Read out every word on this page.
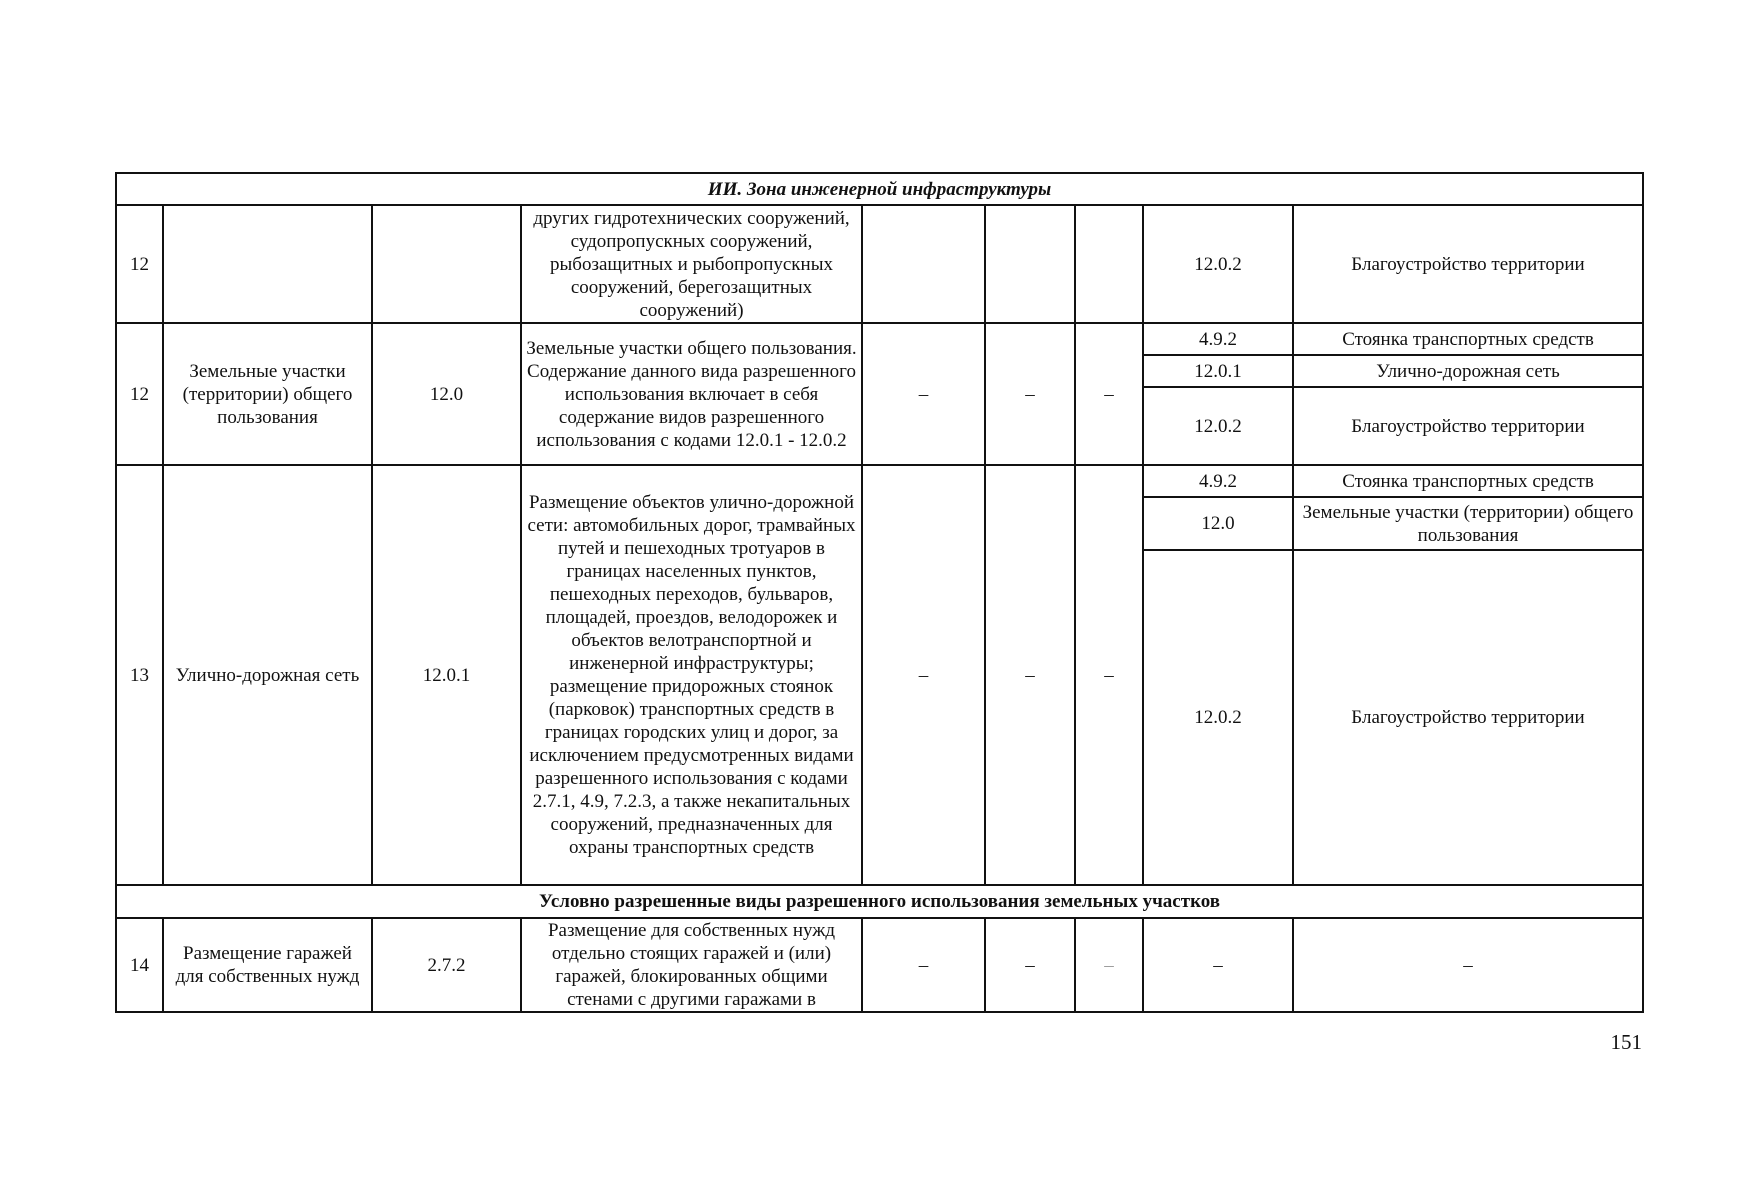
ИИ. Зона инженерной инфраструктуры								
12			других гидротехнических сооружений, судопропускных сооружений, рыбозащитных и рыбопропускных сооружений, берегозащитных сооружений)				12.0.2	Благоустройство территории
12	Земельные участки (территории) общего пользования	12.0	Земельные участки общего пользования. Содержание данного вида разрешенного использования включает в себя содержание видов разрешенного использования с кодами 12.0.1 - 12.0.2	–	–	–	4.9.2	Стоянка транспортных средств
							12.0.1	Улично-дорожная сеть
							12.0.2	Благоустройство территории
13	Улично-дорожная сеть	12.0.1	Размещение объектов улично-дорожной сети: автомобильных дорог, трамвайных путей и пешеходных тротуаров в границах населенных пунктов, пешеходных переходов, бульваров, площадей, проездов, велодорожек и объектов велотранспортной и инженерной инфраструктуры; размещение придорожных стоянок (парковок) транспортных средств в границах городских улиц и дорог, за исключением предусмотренных видами разрешенного использования с кодами 2.7.1, 4.9, 7.2.3, а также некапитальных сооружений, предназначенных для охраны транспортных средств	–	–	–	4.9.2	Стоянка транспортных средств
							12.0	Земельные участки (территории) общего пользования
							12.0.2	Благоустройство территории
Условно разрешенные виды разрешенного использования земельных участков								
14	Размещение гаражей для собственных нужд	2.7.2	Размещение для собственных нужд отдельно стоящих гаражей и (или) гаражей, блокированных общими стенами с другими гаражами в	–	–	–	–	–
151
